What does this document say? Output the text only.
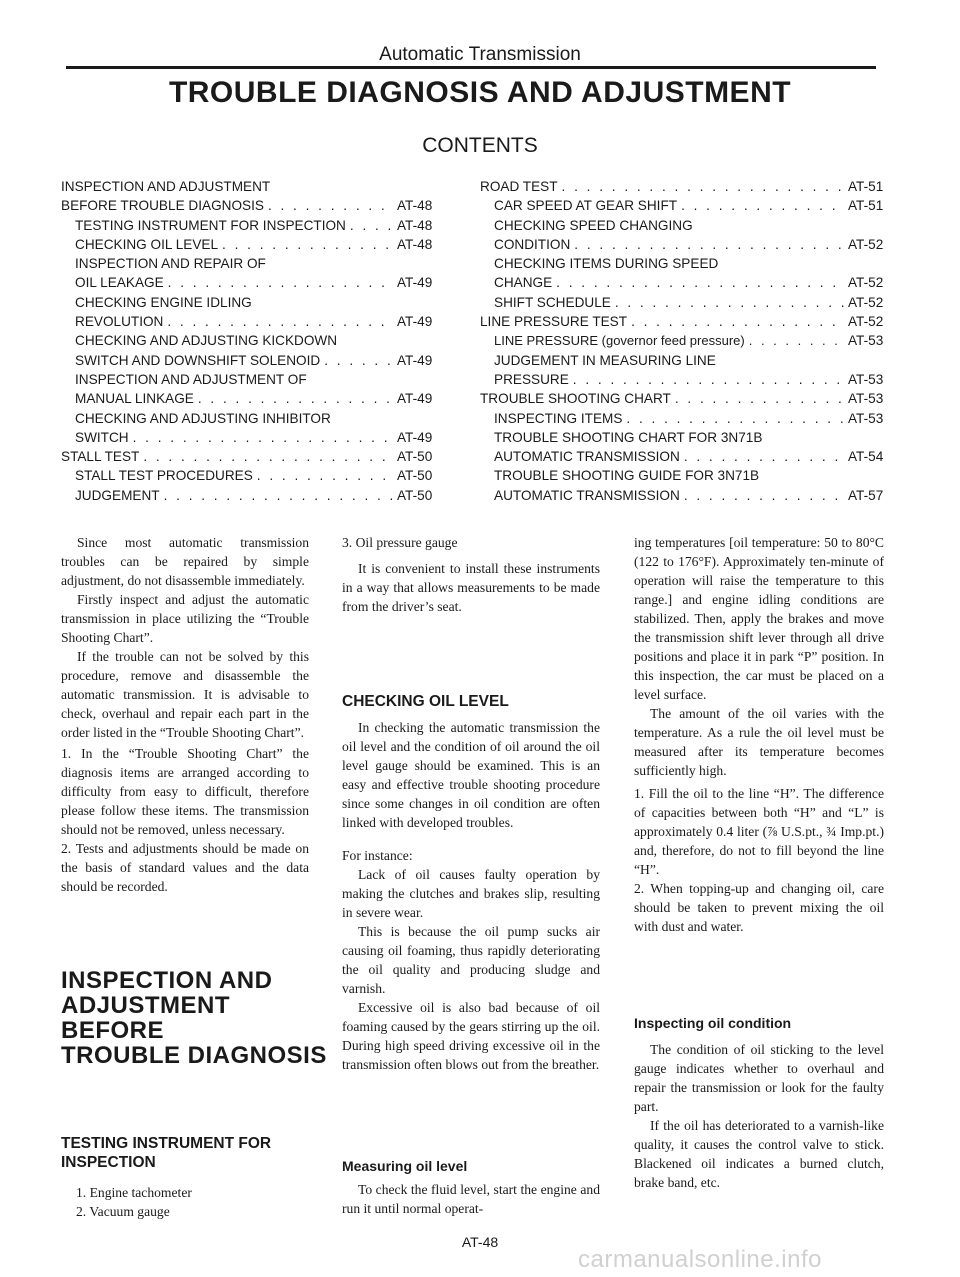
Automatic Transmission
TROUBLE DIAGNOSIS AND ADJUSTMENT
CONTENTS
INSPECTION AND ADJUSTMENT
BEFORE TROUBLE DIAGNOSIS . . .	AT-48
TESTING INSTRUMENT FOR INSPECTION . . .	AT-48
CHECKING OIL LEVEL . . .	AT-48
INSPECTION AND REPAIR OF
OIL LEAKAGE . . .	AT-49
CHECKING ENGINE IDLING
REVOLUTION . . .	AT-49
CHECKING AND ADJUSTING KICKDOWN
SWITCH AND DOWNSHIFT SOLENOID . . .	AT-49
INSPECTION AND ADJUSTMENT OF
MANUAL LINKAGE . . .	AT-49
CHECKING AND ADJUSTING INHIBITOR
SWITCH . . .	AT-49
STALL TEST . . .	AT-50
STALL TEST PROCEDURES . . .	AT-50
JUDGEMENT . . .	AT-50
ROAD TEST . . .	AT-51
CAR SPEED AT GEAR SHIFT . . .	AT-51
CHECKING SPEED CHANGING
CONDITION . . .	AT-52
CHECKING ITEMS DURING SPEED
CHANGE . . .	AT-52
SHIFT SCHEDULE . . .	AT-52
LINE PRESSURE TEST . . .	AT-52
LINE PRESSURE (governor feed pressure) . . .	AT-53
JUDGEMENT IN MEASURING LINE
PRESSURE . . .	AT-53
TROUBLE SHOOTING CHART . . .	AT-53
INSPECTING ITEMS . . .	AT-53
TROUBLE SHOOTING CHART FOR 3N71B
AUTOMATIC TRANSMISSION . . .	AT-54
TROUBLE SHOOTING GUIDE FOR 3N71B
AUTOMATIC TRANSMISSION . . .	AT-57

Since most automatic transmission troubles can be repaired by simple adjustment, do not disassemble immediately.

Firstly inspect and adjust the automatic transmission in place utilizing the “Trouble Shooting Chart”.

If the trouble can not be solved by this procedure, remove and disassemble the automatic transmission. It is advisable to check, overhaul and repair each part in the order listed in the “Trouble Shooting Chart”.

1. In the “Trouble Shooting Chart” the diagnosis items are arranged according to difficulty from easy to difficult, therefore please follow these items. The transmission should not be removed, unless necessary.

2. Tests and adjustments should be made on the basis of standard values and the data should be recorded.

INSPECTION AND
ADJUSTMENT
BEFORE
TROUBLE DIAGNOSIS
TESTING INSTRUMENT FOR
INSPECTION

1. Engine tachometer

2. Vacuum gauge

3. Oil pressure gauge

It is convenient to install these instruments in a way that allows measurements to be made from the driver’s seat.

CHECKING OIL LEVEL

In checking the automatic transmission the oil level and the condition of oil around the oil level gauge should be examined. This is an easy and effective trouble shooting procedure since some changes in oil condition are often linked with developed troubles.

For instance:

Lack of oil causes faulty operation by making the clutches and brakes slip, resulting in severe wear.

This is because the oil pump sucks air causing oil foaming, thus rapidly deteriorating the oil quality and producing sludge and varnish.

Excessive oil is also bad because of oil foaming caused by the gears stirring up the oil. During high speed driving excessive oil in the transmission often blows out from the breather.

Measuring oil level

To check the fluid level, start the engine and run it until normal operat-

ing temperatures [oil temperature: 50 to 80°C (122 to 176°F). Approximately ten-minute of operation will raise the temperature to this range.] and engine idling conditions are stabilized. Then, apply the brakes and move the transmission shift lever through all drive positions and place it in park “P” position. In this inspection, the car must be placed on a level surface.

The amount of the oil varies with the temperature. As a rule the oil level must be measured after its temperature becomes sufficiently high.

1. Fill the oil to the line “H”. The difference of capacities between both “H” and “L” is approximately 0.4 liter (⅞ U.S.pt., ¾ Imp.pt.) and, therefore, do not to fill beyond the line “H”.

2. When topping-up and changing oil, care should be taken to prevent mixing the oil with dust and water.

Inspecting oil condition

The condition of oil sticking to the level gauge indicates whether to overhaul and repair the transmission or look for the faulty part.

If the oil has deteriorated to a varnish-like quality, it causes the control valve to stick. Blackened oil indicates a burned clutch, brake band, etc.

AT-48
carmanualsonline.info
